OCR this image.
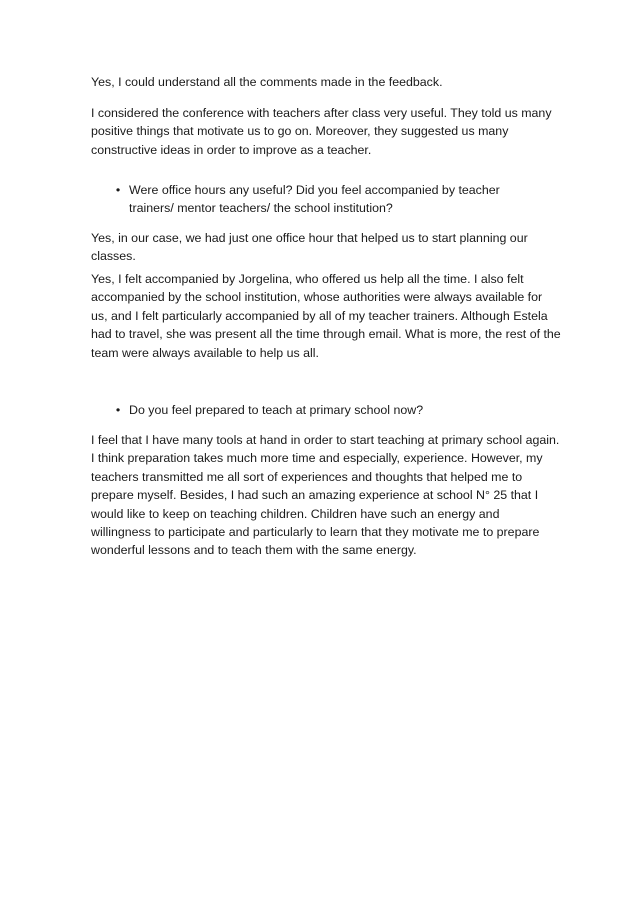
Yes, I could understand all the comments made in the feedback.

I considered the conference with teachers after class very useful. They told us many positive things that motivate us to go on. Moreover, they suggested us many constructive ideas in order to improve as a teacher.

• Were office hours any useful? Did you feel accompanied by teacher trainers/ mentor teachers/ the school institution?

Yes, in our case, we had just one office hour that helped us to start planning our classes.

Yes, I felt accompanied by Jorgelina, who offered us help all the time. I also felt accompanied by the school institution, whose authorities were always available for us, and I felt particularly accompanied by all of my teacher trainers. Although Estela had to travel, she was present all the time through email. What is more, the rest of the team were always available to help us all.

• Do you feel prepared to teach at primary school now?

I feel that I have many tools at hand in order to start teaching at primary school again. I think preparation takes much more time and especially, experience. However, my teachers transmitted me all sort of experiences and thoughts that helped me to prepare myself. Besides, I had such an amazing experience at school N° 25 that I would like to keep on teaching children. Children have such an energy and willingness to participate and particularly to learn that they motivate me to prepare wonderful lessons and to teach them with the same energy.
